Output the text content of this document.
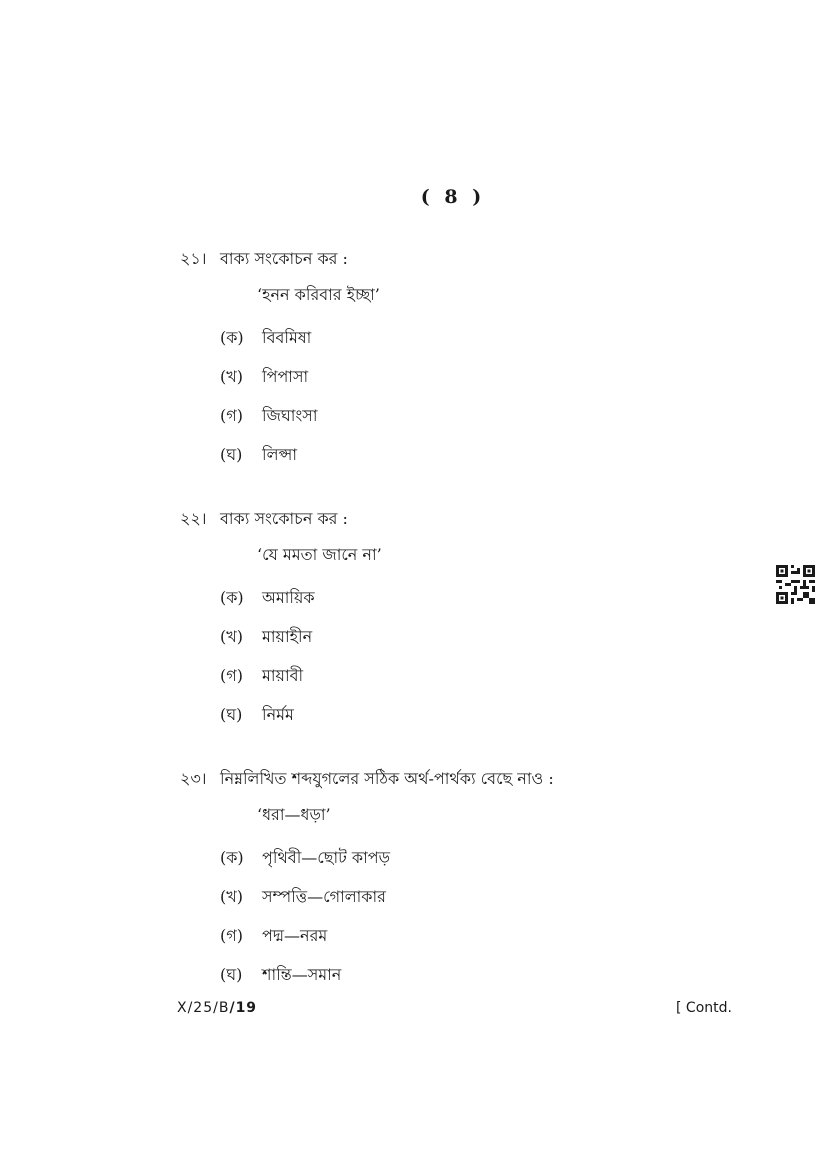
( 8 )
২১। বাক্য সংকোচন কর :
‘হনন করিবার ইচ্ছা’
(ক) বিবমিষা
(খ) পিপাসা
(গ) জিঘাংসা
(ঘ) লিপ্সা
২২। বাক্য সংকোচন কর :
‘যে মমতা জানে না’
(ক) অমায়িক
(খ) মায়াহীন
(গ) মায়াবী
(ঘ) নির্মম
২৩। নিম্নলিখিত শব্দযুগলের সঠিক অর্থ-পার্থক্য বেছে নাও :
‘ধরা—ধড়া’
(ক) পৃথিবী—ছোট কাপড়
(খ) সম্পত্তি—গোলাকার
(গ) পদ্ম—নরম
(ঘ) শান্তি—সমান
X/25/B/19	[ Contd.
